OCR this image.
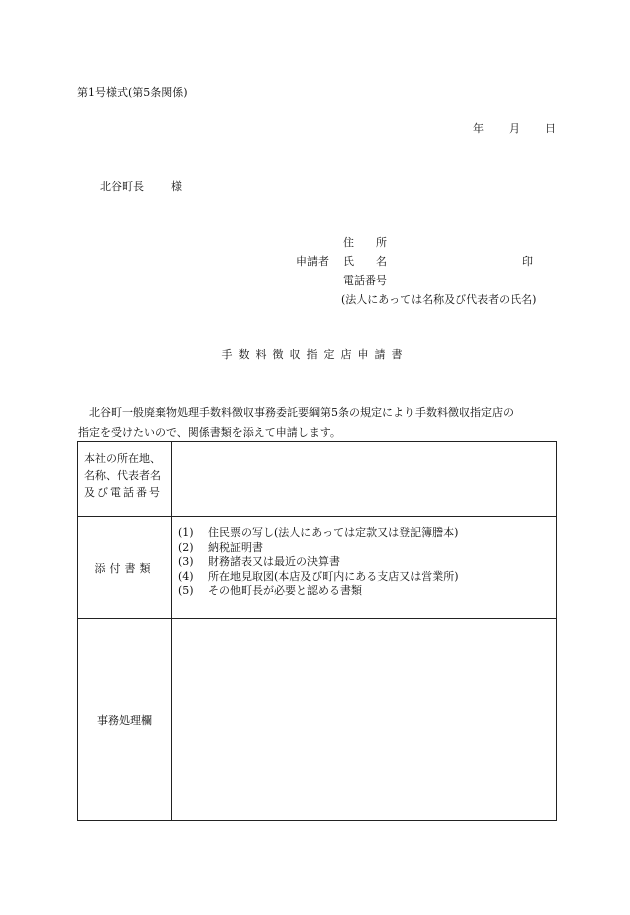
第1号様式(第5条関係)
年 月 日
北谷町長 様
住　　所
申請者 氏　　名	印
電話番号
(法人にあっては名称及び代表者の氏名)
手数料徴収指定店申請書
北谷町一般廃棄物処理手数料徴収事務委託要綱第5条の規定により手数料徴収指定店の
指定を受けたいので、関係書類を添えて申請します。
本社の所在地、
名称、代表者名
及び電話番号
添付書類
(1) 住民票の写し(法人にあっては定款又は登記簿謄本)
(2) 納税証明書
(3) 財務諸表又は最近の決算書
(4) 所在地見取図(本店及び町内にある支店又は営業所)
(5) その他町長が必要と認める書類
事務処理欄
